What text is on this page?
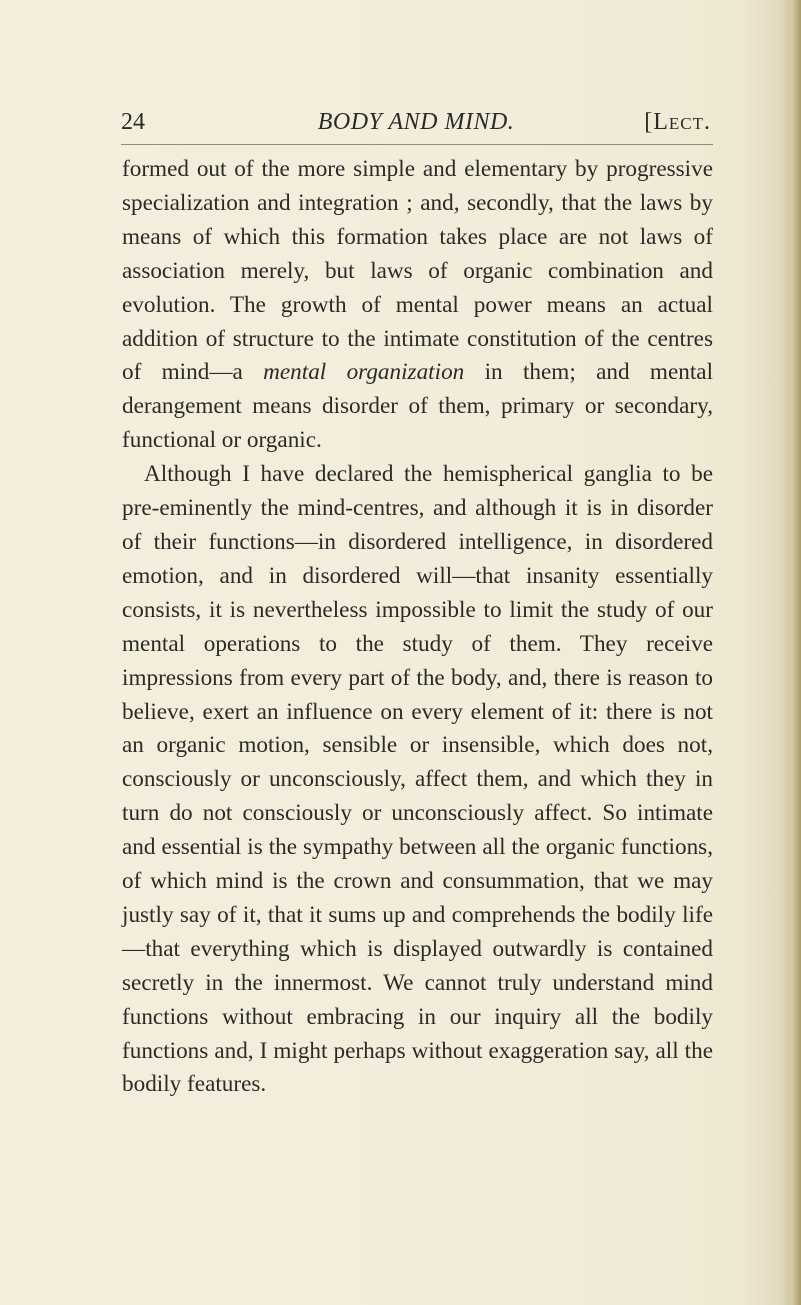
24	BODY AND MIND.	[Lect.

formed out of the more simple and elementary by progressive specialization and integration ; and, secondly, that the laws by means of which this formation takes place are not laws of association merely, but laws of organic combination and evolution. The growth of mental power means an actual addition of structure to the intimate constitution of the centres of mind—a mental organization in them; and mental derangement means disorder of them, primary or secondary, functional or organic.

Although I have declared the hemispherical ganglia to be pre-eminently the mind-centres, and although it is in disorder of their functions—in disordered intelligence, in disordered emotion, and in disordered will—that insanity essentially consists, it is nevertheless impossible to limit the study of our mental operations to the study of them. They receive impressions from every part of the body, and, there is reason to believe, exert an influence on every element of it: there is not an organic motion, sensible or insensible, which does not, consciously or unconsciously, affect them, and which they in turn do not consciously or unconsciously affect. So intimate and essential is the sympathy between all the organic functions, of which mind is the crown and consummation, that we may justly say of it, that it sums up and comprehends the bodily life—that everything which is displayed outwardly is contained secretly in the innermost. We cannot truly understand mind functions without embracing in our inquiry all the bodily functions and, I might perhaps without exaggeration say, all the bodily features.
